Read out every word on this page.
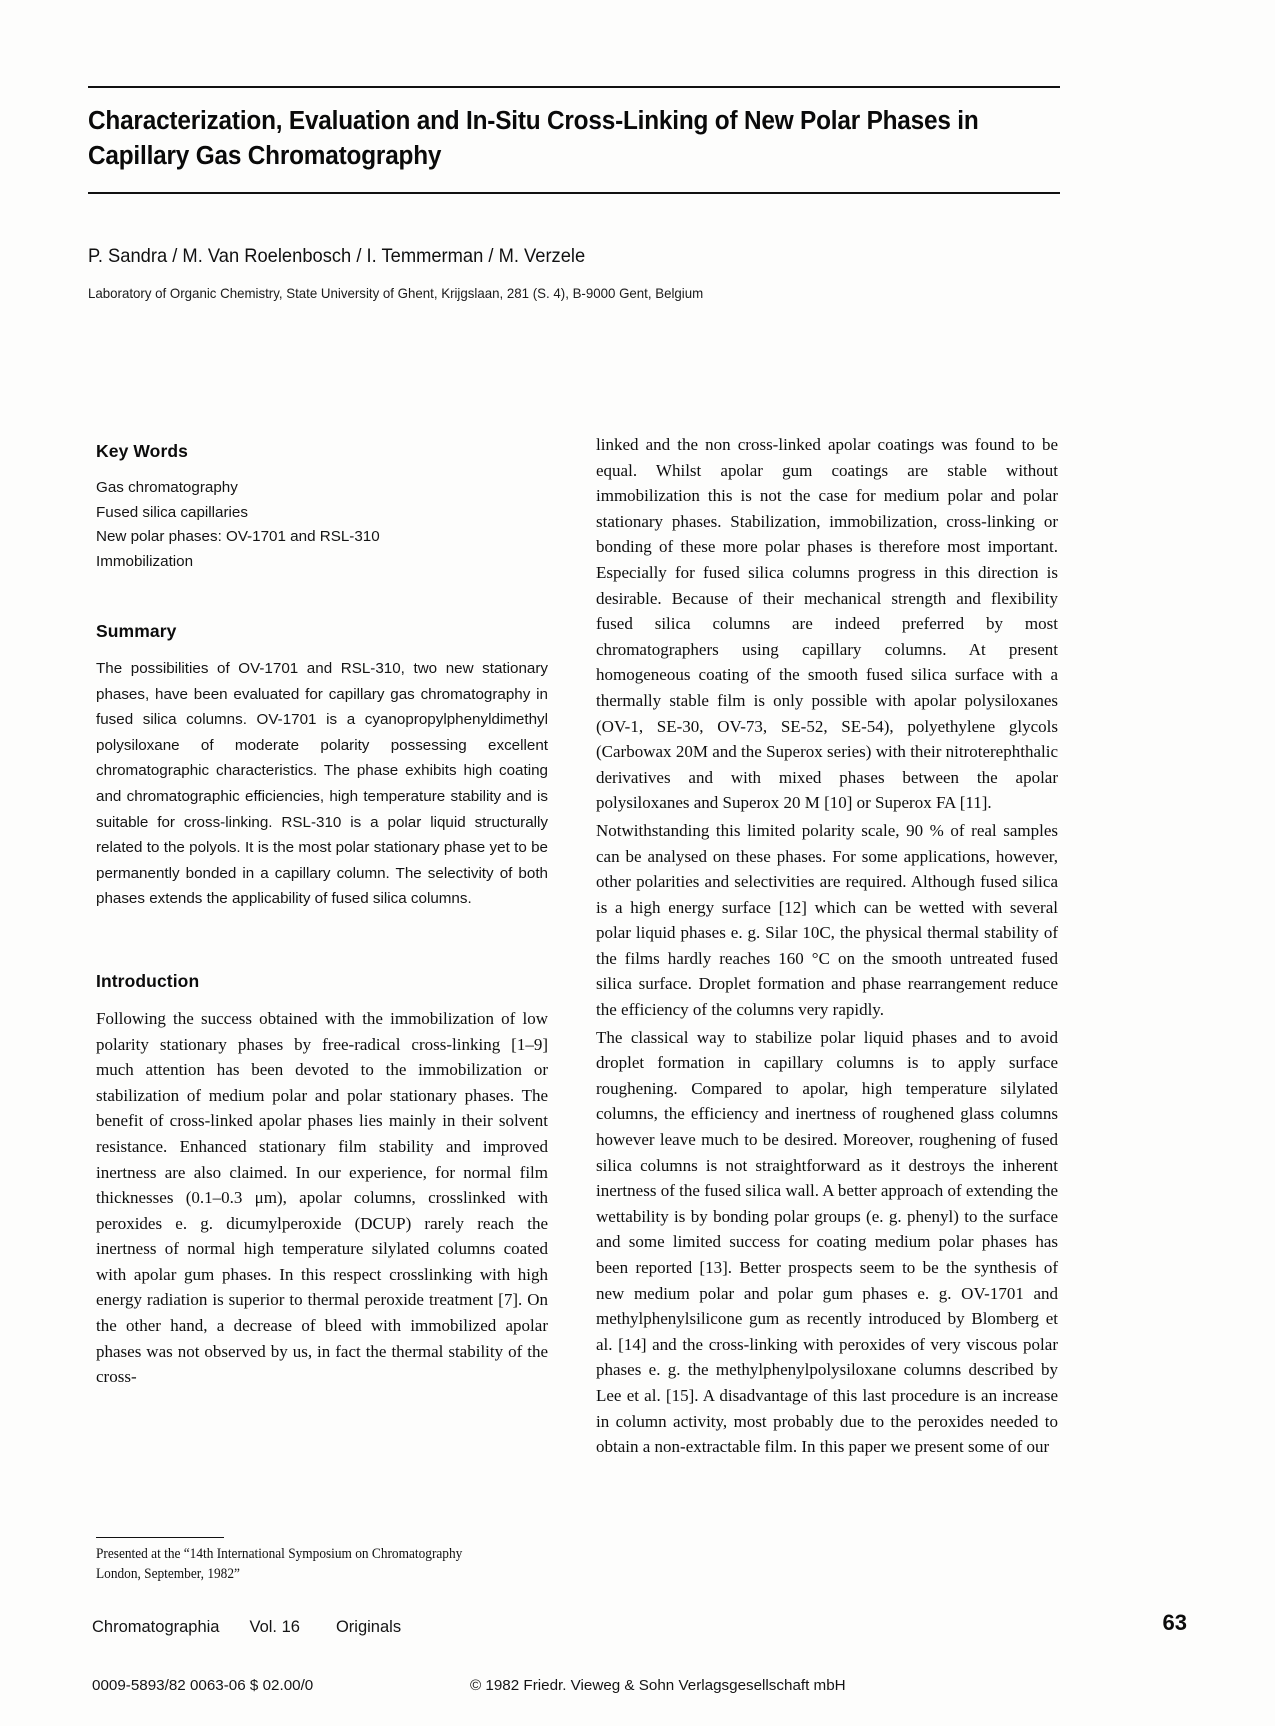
Characterization, Evaluation and In-Situ Cross-Linking of New Polar Phases in Capillary Gas Chromatography
P. Sandra / M. Van Roelenbosch / I. Temmerman / M. Verzele
Laboratory of Organic Chemistry, State University of Ghent, Krijgslaan, 281 (S. 4), B-9000 Gent, Belgium
Key Words
Gas chromatography
Fused silica capillaries
New polar phases: OV-1701 and RSL-310
Immobilization
Summary
The possibilities of OV-1701 and RSL-310, two new stationary phases, have been evaluated for capillary gas chromatography in fused silica columns. OV-1701 is a cyanopropylphenyldimethyl polysiloxane of moderate polarity possessing excellent chromatographic characteristics. The phase exhibits high coating and chromatographic efficiencies, high temperature stability and is suitable for cross-linking. RSL-310 is a polar liquid structurally related to the polyols. It is the most polar stationary phase yet to be permanently bonded in a capillary column. The selectivity of both phases extends the applicability of fused silica columns.
Introduction

Following the success obtained with the immobilization of low polarity stationary phases by free-radical cross-linking [1–9] much attention has been devoted to the immobilization or stabilization of medium polar and polar stationary phases. The benefit of cross-linked apolar phases lies mainly in their solvent resistance. Enhanced stationary film stability and improved inertness are also claimed. In our experience, for normal film thicknesses (0.1–0.3 μm), apolar columns, crosslinked with peroxides e. g. dicumylperoxide (DCUP) rarely reach the inertness of normal high temperature silylated columns coated with apolar gum phases. In this respect crosslinking with high energy radiation is superior to thermal peroxide treatment [7]. On the other hand, a decrease of bleed with immobilized apolar phases was not observed by us, in fact the thermal stability of the cross-

linked and the non cross-linked apolar coatings was found to be equal. Whilst apolar gum coatings are stable without immobilization this is not the case for medium polar and polar stationary phases. Stabilization, immobilization, cross-linking or bonding of these more polar phases is therefore most important. Especially for fused silica columns progress in this direction is desirable. Because of their mechanical strength and flexibility fused silica columns are indeed preferred by most chromatographers using capillary columns. At present homogeneous coating of the smooth fused silica surface with a thermally stable film is only possible with apolar polysiloxanes (OV-1, SE-30, OV-73, SE-52, SE-54), polyethylene glycols (Carbowax 20M and the Superox series) with their nitroterephthalic derivatives and with mixed phases between the apolar polysiloxanes and Superox 20 M [10] or Superox FA [11].

Notwithstanding this limited polarity scale, 90 % of real samples can be analysed on these phases. For some applications, however, other polarities and selectivities are required. Although fused silica is a high energy surface [12] which can be wetted with several polar liquid phases e. g. Silar 10C, the physical thermal stability of the films hardly reaches 160 °C on the smooth untreated fused silica surface. Droplet formation and phase rearrangement reduce the efficiency of the columns very rapidly.

The classical way to stabilize polar liquid phases and to avoid droplet formation in capillary columns is to apply surface roughening. Compared to apolar, high temperature silylated columns, the efficiency and inertness of roughened glass columns however leave much to be desired. Moreover, roughening of fused silica columns is not straightforward as it destroys the inherent inertness of the fused silica wall. A better approach of extending the wettability is by bonding polar groups (e. g. phenyl) to the surface and some limited success for coating medium polar phases has been reported [13]. Better prospects seem to be the synthesis of new medium polar and polar gum phases e. g. OV-1701 and methylphenylsilicone gum as recently introduced by Blomberg et al. [14] and the cross-linking with peroxides of very viscous polar phases e. g. the methylphenylpolysiloxane columns described by Lee et al. [15]. A disadvantage of this last procedure is an increase in column activity, most probably due to the peroxides needed to obtain a non-extractable film. In this paper we present some of our

Presented at the “14th International Symposium on Chromatography
London, September, 1982”
Chromatographia Vol. 16 Originals	63
0009-5893/82 0063-06 $ 02.00/0	© 1982 Friedr. Vieweg & Sohn Verlagsgesellschaft mbH
